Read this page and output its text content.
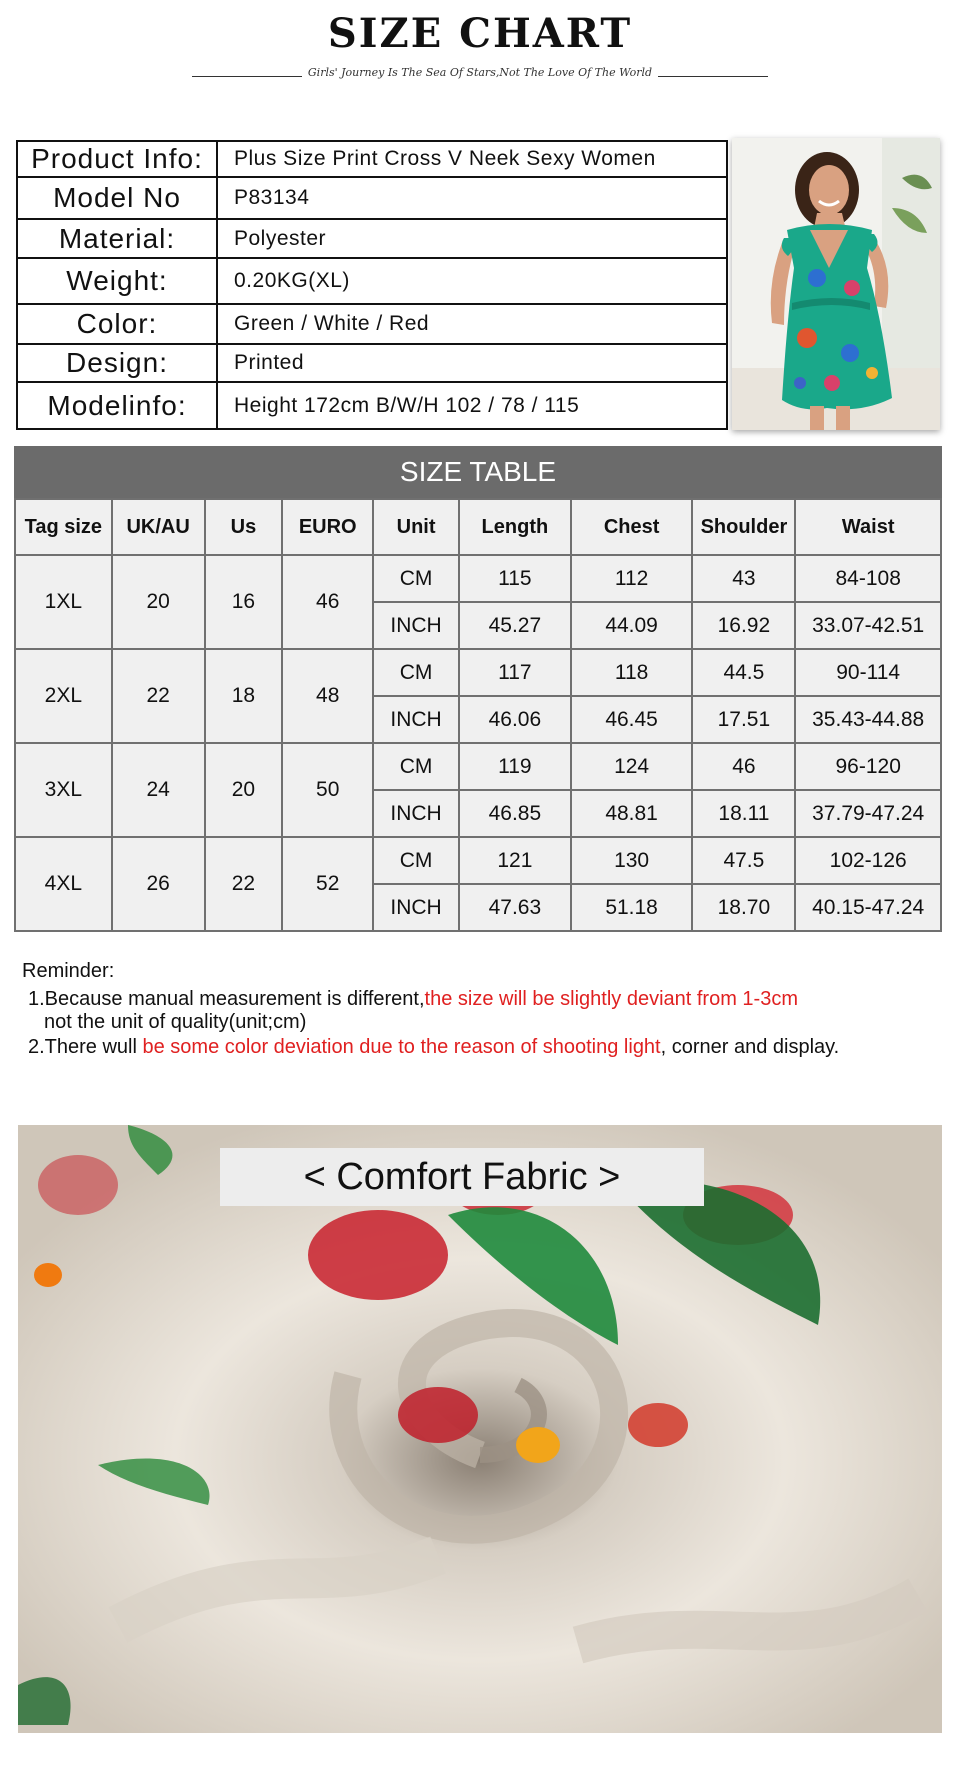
SIZE CHART
Girls' Journey Is The Sea Of Stars,Not The Love Of The World
Product Info:	Plus Size Print Cross V Neek Sexy Women
Model No	P83134
Material:	Polyester
Weight:	0.20KG(XL)
Color:	Green / White / Red
Design:	Printed
Modelinfo:	Height 172cm B/W/H 102 / 78 / 115
SIZE TABLE
Tag size	UK/AU	Us	EURO	Unit	Length	Chest	Shoulder	Waist
1XL	20	16	46	CM	115	112	43	84-108
				INCH	45.27	44.09	16.92	33.07-42.51
2XL	22	18	48	CM	117	118	44.5	90-114
				INCH	46.06	46.45	17.51	35.43-44.88
3XL	24	20	50	CM	119	124	46	96-120
				INCH	46.85	48.81	18.11	37.79-47.24
4XL	26	22	52	CM	121	130	47.5	102-126
				INCH	47.63	51.18	18.70	40.15-47.24
Reminder:
1.Because manual measurement is different,the size will be slightly deviant from 1-3cm
not the unit of quality(unit;cm)
2.There wull be some color deviation due to the reason of shooting light, corner and display.
< Comfort Fabric >
